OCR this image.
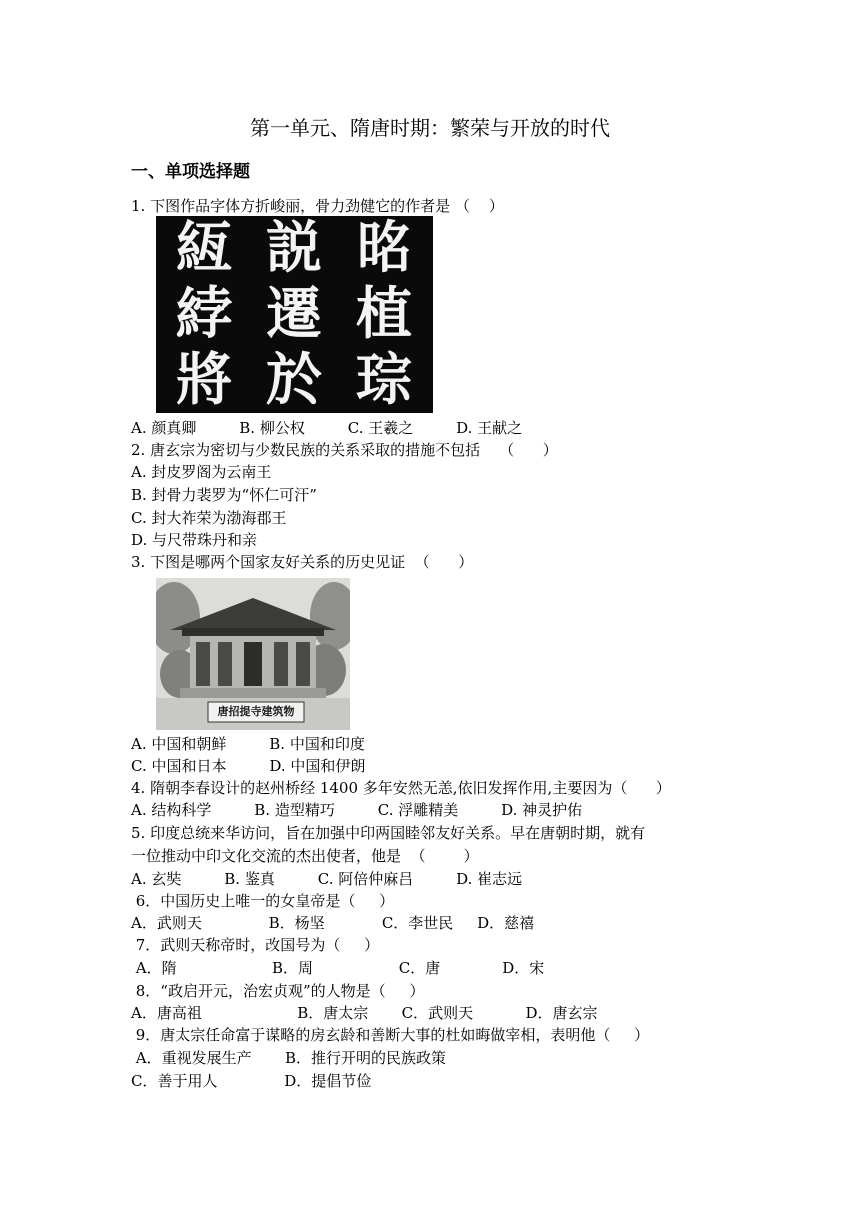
第一单元、隋唐时期：繁荣与开放的时代
一、单项选择题
1. 下图作品字体方折峻丽，骨力劲健它的作者是 （    ）
絚 説 㫥
綍 遷 植
將 於 琮
A. 颜真卿         B. 柳公权         C. 王羲之         D. 王献之
2. 唐玄宗为密切与少数民族的关系采取的措施不包括    （      ）
A. 封皮罗阁为云南王
B. 封骨力裴罗为“怀仁可汗”
C. 封大祚荣为渤海郡王
D. 与尺带珠丹和亲
3. 下图是哪两个国家友好关系的历史见证  （      ）
唐招提寺建筑物
A. 中国和朝鲜         B. 中国和印度
C. 中国和日本         D. 中国和伊朗
4. 隋朝李春设计的赵州桥经 1400 多年安然无恙,依旧发挥作用,主要因为（      ）
A. 结构科学         B. 造型精巧         C. 浮雕精美         D. 神灵护佑
5. 印度总统来华访问，旨在加强中印两国睦邻友好关系。早在唐朝时期，就有
一位推动中印文化交流的杰出使者，他是  （        ）
A. 玄奘         B. 鉴真         C. 阿倍仲麻吕         D. 崔志远
6．中国历史上唯一的女皇帝是（     ）
A．武则天              B．杨坚            C．李世民     D．慈禧
7．武则天称帝时，改国号为（     ）
A．隋                    B．周                  C．唐             D．宋
8．“政启开元，治宏贞观”的人物是（     ）
A．唐高祖                    B．唐太宗       C．武则天           D．唐玄宗
9．唐太宗任命富于谋略的房玄龄和善断大事的杜如晦做宰相，表明他（     ）
A．重视发展生产       B．推行开明的民族政策
C．善于用人              D．提倡节俭
